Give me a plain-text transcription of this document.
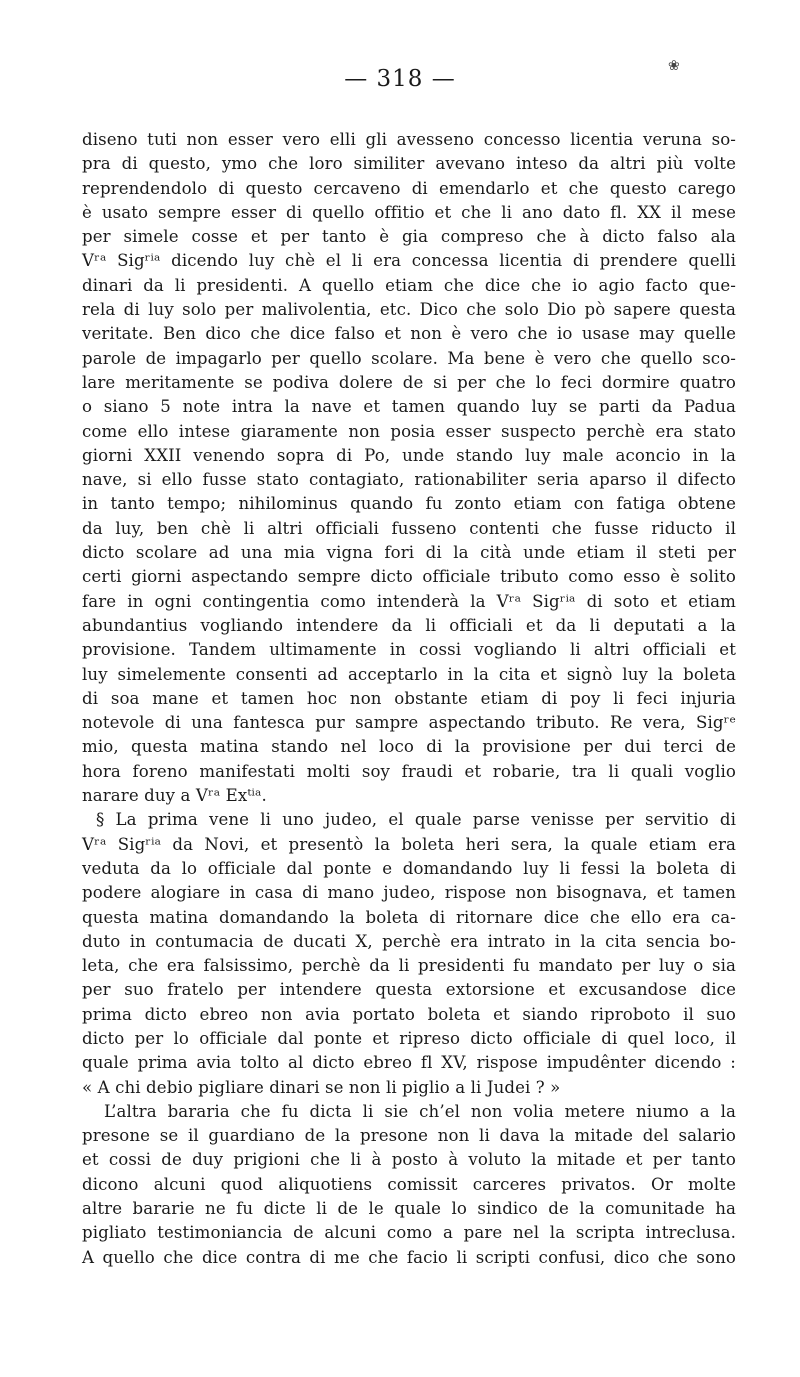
❀
— 318 —
diseno tuti non esser vero elli gli avesseno concesso licentia veruna so-
pra di questo, ymo che loro similiter avevano inteso da altri più volte
reprendendolo di questo cercaveno di emendarlo et che questo carego
è usato sempre esser di quello offitio et che li ano dato fl. XX il mese
per simele cosse et per tanto è gia compreso che à dicto falso ala
Vʳᵃ Sigʳⁱᵃ dicendo luy chè el li era concessa licentia di prendere quelli
dinari da li presidenti. A quello etiam che dice che io agio facto que-
rela di luy solo per malivolentia, etc. Dico che solo Dio pò sapere questa
veritate. Ben dico che dice falso et non è vero che io usase may quelle
parole de impagarlo per quello scolare. Ma bene è vero che quello sco-
lare meritamente se podiva dolere de si per che lo feci dormire quatro
o siano 5 note intra la nave et tamen quando luy se parti da Padua
come ello intese giaramente non posia esser suspecto perchè era stato
giorni XXII venendo sopra di Po, unde stando luy male aconcio in la
nave, si ello fusse stato contagiato, rationabiliter seria aparso il difecto
in tanto tempo; nihilominus quando fu zonto etiam con fatiga obtene
da luy, ben chè li altri officiali fusseno contenti che fusse riducto il
dicto scolare ad una mia vigna fori di la cità unde etiam il steti per
certi giorni aspectando sempre dicto officiale tributo como esso è solito
fare in ogni contingentia como intenderà la Vʳᵃ Sigʳⁱᵃ di soto et etiam
abundantius vogliando intendere da li officiali et da li deputati a la
provisione. Tandem ultimamente in cossi vogliando li altri officiali et
luy simelemente consenti ad acceptarlo in la cita et signò luy la boleta
di soa mane et tamen hoc non obstante etiam di poy li feci injuria
notevole di una fantesca pur sampre aspectando tributo. Re vera, Sigʳᵉ
mio, questa matina stando nel loco di la provisione per dui terci de
hora foreno manifestati molti soy fraudi et robarie, tra li quali voglio
narare duy a Vʳᵃ Exᵗⁱᵃ.
§ La prima vene li uno judeo, el quale parse venisse per servitio di
Vʳᵃ Sigʳⁱᵃ da Novi, et presentò la boleta heri sera, la quale etiam era
veduta da lo officiale dal ponte e domandando luy li fessi la boleta di
podere alogiare in casa di mano judeo, rispose non bisognava, et tamen
questa matina domandando la boleta di ritornare dice che ello era ca-
duto in contumacia de ducati X, perchè era intrato in la cita sencia bo-
leta, che era falsissimo, perchè da li presidenti fu mandato per luy o sia
per suo fratelo per intendere questa extorsione et excusandose dice
prima dicto ebreo non avia portato boleta et siando riproboto il suo
dicto per lo officiale dal ponte et ripreso dicto officiale di quel loco, il
quale prima avia tolto al dicto ebreo fl XV, rispose impudênter dicendo :
« A chi debio pigliare dinari se non li piglio a li Judei ? »
L’altra bararia che fu dicta li sie ch’el non volia metere niumo a la
presone se il guardiano de la presone non li dava la mitade del salario
et cossi de duy prigioni che li à posto à voluto la mitade et per tanto
dicono alcuni quod aliquotiens comissit carceres privatos. Or molte
altre bararie ne fu dicte li de le quale lo sindico de la comunitade ha
pigliato testimoniancia de alcuni como a pare nel la scripta intreclusa.
A quello che dice contra di me che facio li scripti confusi, dico che sono
